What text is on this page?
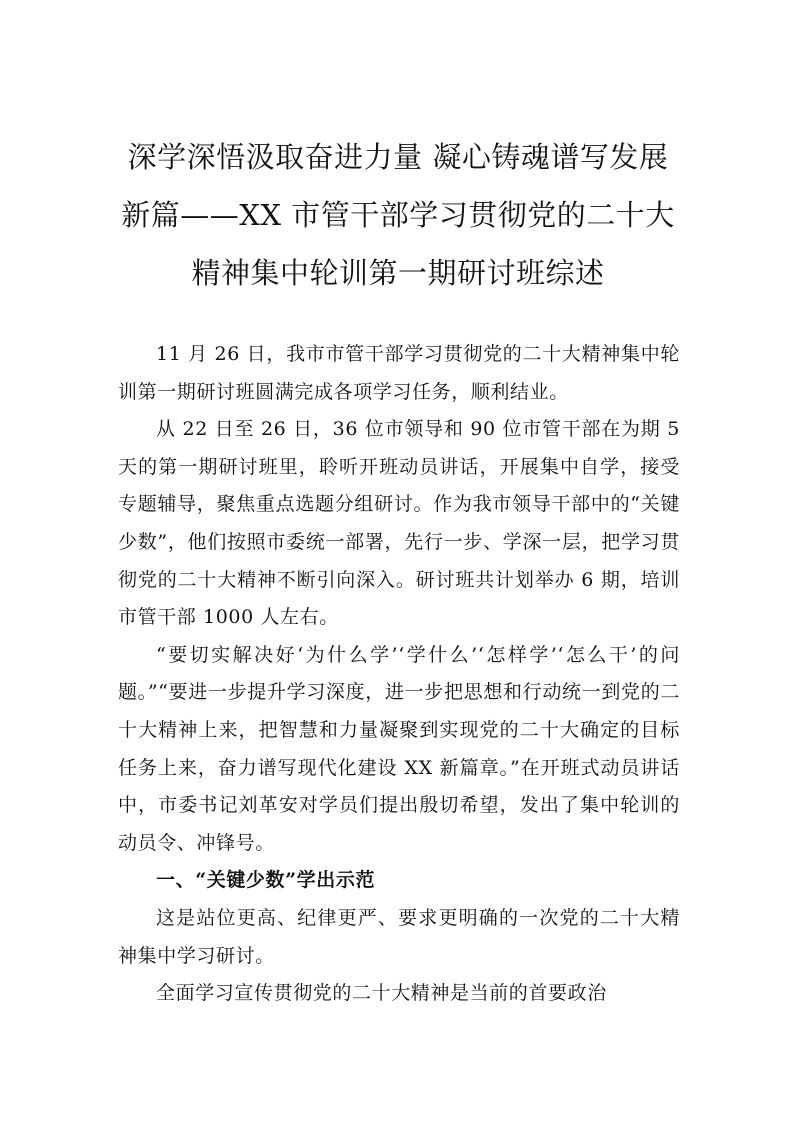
深学深悟汲取奋进力量 凝心铸魂谱写发展
新篇——XX 市管干部学习贯彻党的二十大
精神集中轮训第一期研讨班综述

11 月 26 日，我市市管干部学习贯彻党的二十大精神集中轮训第一期研讨班圆满完成各项学习任务，顺利结业。

从 22 日至 26 日，36 位市领导和 90 位市管干部在为期 5 天的第一期研讨班里，聆听开班动员讲话，开展集中自学，接受专题辅导，聚焦重点选题分组研讨。作为我市领导干部中的“关键少数”，他们按照市委统一部署，先行一步、学深一层，把学习贯彻党的二十大精神不断引向深入。研讨班共计划举办 6 期，培训市管干部 1000 人左右。

“要切实解决好‘为什么学’‘学什么’‘怎样学’‘怎么干’的问题。”“要进一步提升学习深度，进一步把思想和行动统一到党的二十大精神上来，把智慧和力量凝聚到实现党的二十大确定的目标任务上来，奋力谱写现代化建设 XX 新篇章。”在开班式动员讲话中，市委书记刘革安对学员们提出殷切希望，发出了集中轮训的动员令、冲锋号。

一、“关键少数”学出示范

这是站位更高、纪律更严、要求更明确的一次党的二十大精神集中学习研讨。

全面学习宣传贯彻党的二十大精神是当前的首要政治
